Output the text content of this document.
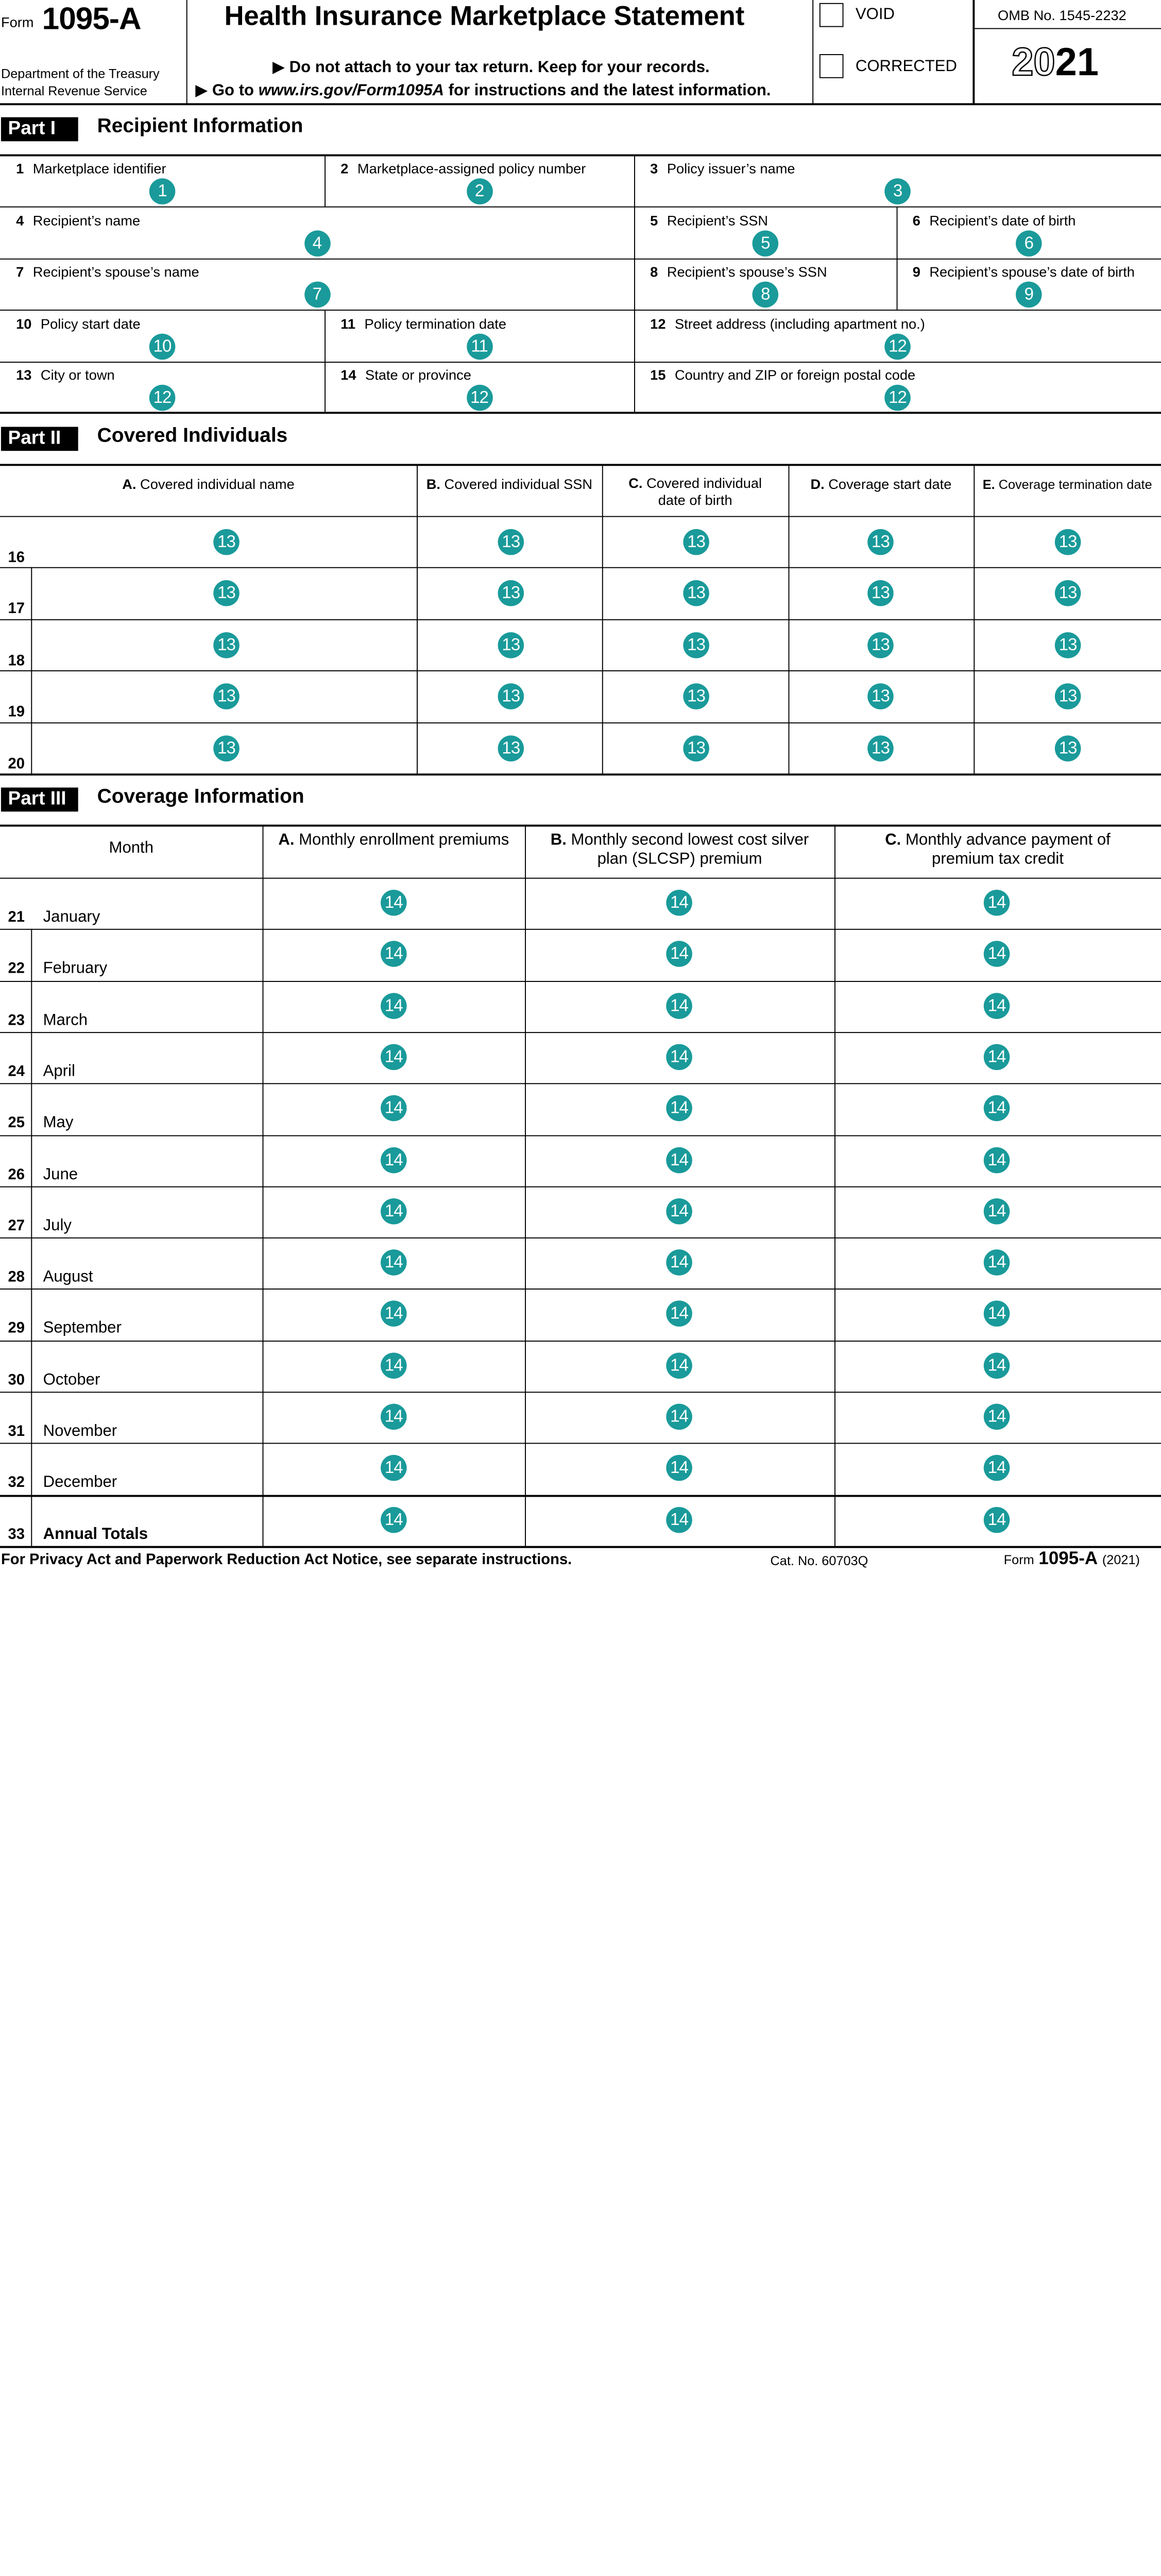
Form 1095-A
Department of the Treasury
Internal Revenue Service
Health Insurance Marketplace Statement
▶ Do not attach to your tax return. Keep for your records.
▶ Go to www.irs.gov/Form1095A for instructions and the latest information.
VOID
CORRECTED
OMB No. 1545-2232
2021
Part I	Recipient Information
1 Marketplace identifier
1
2 Marketplace-assigned policy number
2
3 Policy issuer’s name
3
4 Recipient’s name
4
5 Recipient’s SSN
5
6 Recipient’s date of birth
6
7 Recipient’s spouse’s name
7
8 Recipient’s spouse’s SSN
8
9 Recipient’s spouse’s date of birth
9
10 Policy start date
10
11 Policy termination date
11
12 Street address (including apartment no.)
12
13 City or town
12
14 State or province
12
15 Country and ZIP or foreign postal code
12
Part II	Covered Individuals
A. Covered individual name	B. Covered individual SSN	C. Covered individual
date of birth
D. Coverage start date	E. Coverage termination date
16
13	13	13	13	13
17
13	13	13	13	13
18
13	13	13	13	13
19
13	13	13	13	13
20
13	13	13	13	13
Part III	Coverage Information
Month	A. Monthly enrollment premiums	B. Monthly second lowest cost silver
plan (SLCSP) premium
C. Monthly advance payment of
premium tax credit
21 January
14	14	14
22 February
14	14	14
23 March
14	14	14
24 April
14	14	14
25 May
14	14	14
26 June
14	14	14
27 July
14	14	14
28 August
14	14	14
29 September
14	14	14
30 October
14	14	14
31 November
14	14	14
32 December
14	14	14
33 Annual Totals
14	14	14
For Privacy Act and Paperwork Reduction Act Notice, see separate instructions.	Cat. No. 60703Q	Form 1095-A (2021)
